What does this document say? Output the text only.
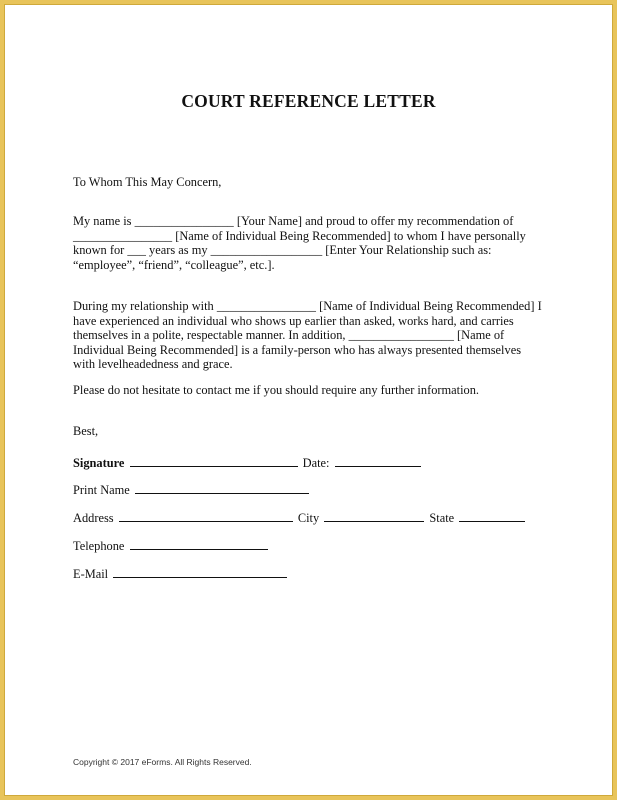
COURT REFERENCE LETTER
To Whom This May Concern,
My name is ________________ [Your Name] and proud to offer my recommendation of ________________ [Name of Individual Being Recommended] to whom I have personally known for ___ years as my __________________ [Enter Your Relationship such as: “employee”, “friend”, “colleague”, etc.].
During my relationship with ________________ [Name of Individual Being Recommended] I have experienced an individual who shows up earlier than asked, works hard, and carries themselves in a polite, respectable manner. In addition, _________________ [Name of Individual Being Recommended] is a family-person who has always presented themselves with levelheadedness and grace.
Please do not hesitate to contact me if you should require any further information.
Best,
Signature	Date:
Print Name
Address	City	State
Telephone
E-Mail
Copyright © 2017 eForms. All Rights Reserved.
